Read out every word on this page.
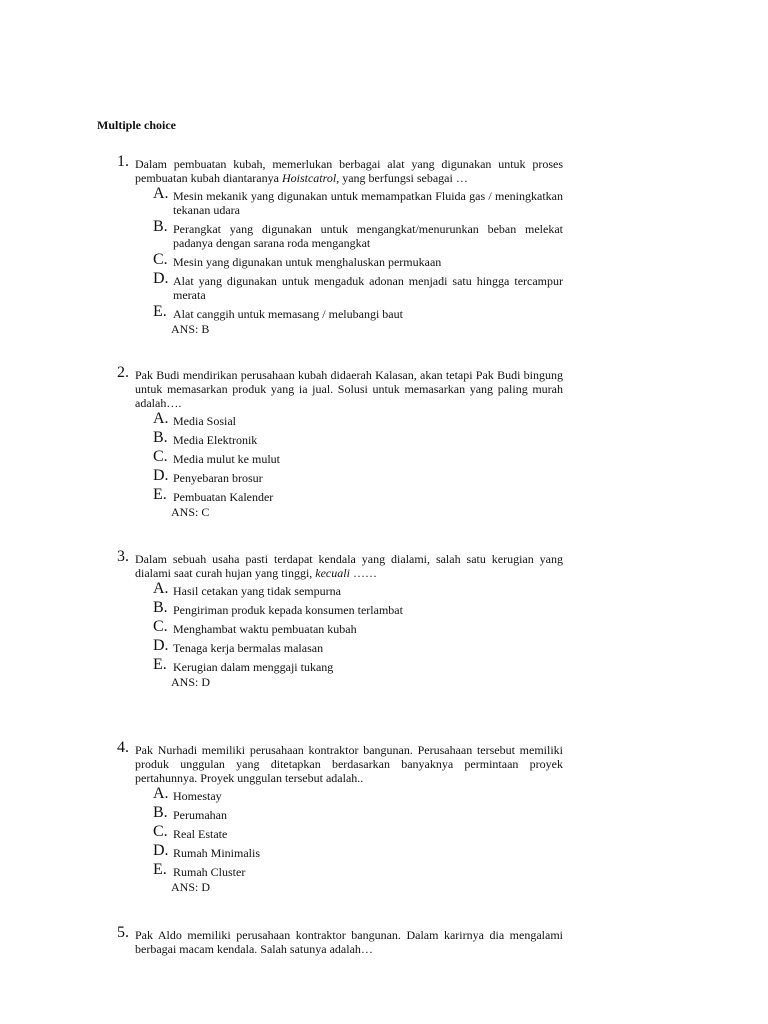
Multiple choice
1. Dalam pembuatan kubah, memerlukan berbagai alat yang digunakan untuk proses pembuatan kubah diantaranya Hoistcatrol, yang berfungsi sebagai …
A. Mesin mekanik yang digunakan untuk memampatkan Fluida gas / meningkatkan tekanan udara
B. Perangkat yang digunakan untuk mengangkat/menurunkan beban melekat padanya dengan sarana roda mengangkat
C. Mesin yang digunakan untuk menghaluskan permukaan
D. Alat yang digunakan untuk mengaduk adonan menjadi satu hingga tercampur merata
E. Alat canggih untuk memasang / melubangi baut
ANS: B
2. Pak Budi mendirikan perusahaan kubah didaerah Kalasan, akan tetapi Pak Budi bingung untuk memasarkan produk yang ia jual. Solusi untuk memasarkan yang paling murah adalah….
A. Media Sosial
B. Media Elektronik
C. Media mulut ke mulut
D. Penyebaran brosur
E. Pembuatan Kalender
ANS: C
3. Dalam sebuah usaha pasti terdapat kendala yang dialami, salah satu kerugian yang dialami saat curah hujan yang tinggi, kecuali ……
A. Hasil cetakan yang tidak sempurna
B. Pengiriman produk kepada konsumen terlambat
C. Menghambat waktu pembuatan kubah
D. Tenaga kerja bermalas malasan
E. Kerugian dalam menggaji tukang
ANS: D
4. Pak Nurhadi memiliki perusahaan kontraktor bangunan. Perusahaan tersebut memiliki produk unggulan yang ditetapkan berdasarkan banyaknya permintaan proyek pertahunnya. Proyek unggulan tersebut adalah..
A. Homestay
B. Perumahan
C. Real Estate
D. Rumah Minimalis
E. Rumah Cluster
ANS: D
5. Pak Aldo memiliki perusahaan kontraktor bangunan. Dalam karirnya dia mengalami berbagai macam kendala. Salah satunya adalah…
